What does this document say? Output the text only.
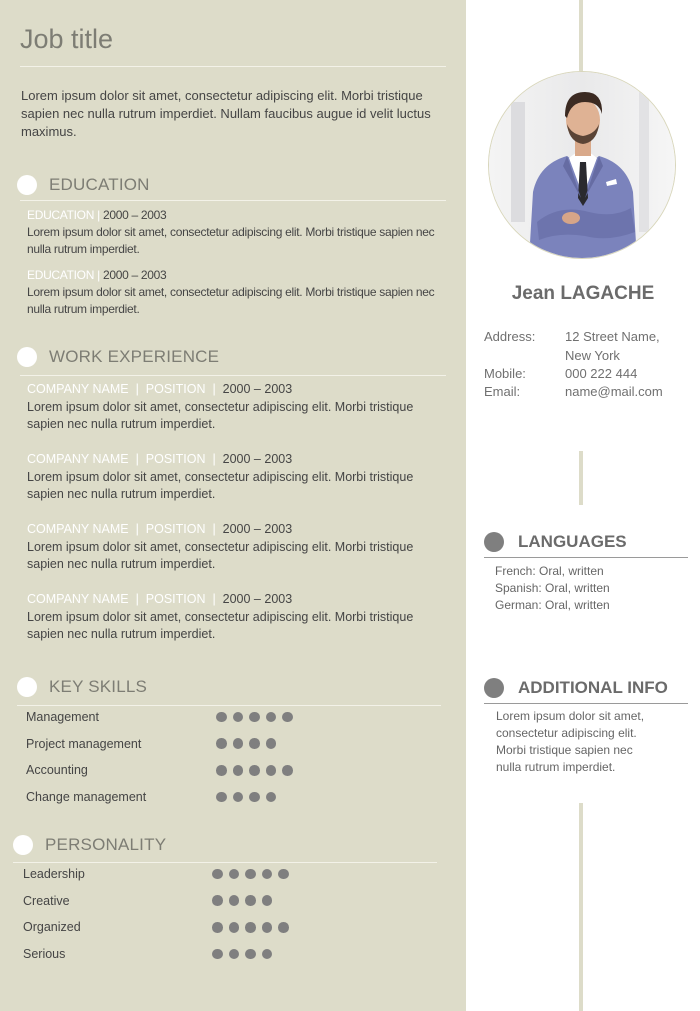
Job title
Lorem ipsum dolor sit amet, consectetur adipiscing elit. Morbi tristique sapien nec nulla rutrum imperdiet. Nullam faucibus augue id velit luctus maximus.
EDUCATION
EDUCATION | 2000 – 2003
Lorem ipsum dolor sit amet, consectetur adipiscing elit. Morbi tristique sapien nec nulla rutrum imperdiet.
EDUCATION | 2000 – 2003
Lorem ipsum dolor sit amet, consectetur adipiscing elit. Morbi tristique sapien nec nulla rutrum imperdiet.
WORK EXPERIENCE
COMPANY NAME  |  POSITION  |  2000 – 2003
Lorem ipsum dolor sit amet, consectetur adipiscing elit. Morbi tristique sapien nec nulla rutrum imperdiet.
COMPANY NAME  |  POSITION  |  2000 – 2003
Lorem ipsum dolor sit amet, consectetur adipiscing elit. Morbi tristique sapien nec nulla rutrum imperdiet.
COMPANY NAME  |  POSITION  |  2000 – 2003
Lorem ipsum dolor sit amet, consectetur adipiscing elit. Morbi tristique sapien nec nulla rutrum imperdiet.
COMPANY NAME  |  POSITION  |  2000 – 2003
Lorem ipsum dolor sit amet, consectetur adipiscing elit. Morbi tristique sapien nec nulla rutrum imperdiet.
KEY SKILLS
Management
Project management
Accounting
Change management
PERSONALITY
Leadership
Creative
Organized
Serious
Jean LAGACHE
Address:	12 Street Name,
New York
Mobile:	000 222 444
Email:	name@mail.com
LANGUAGES
French: Oral, written
Spanish: Oral, written
German: Oral, written
ADDITIONAL INFO
Lorem ipsum dolor sit amet,
consectetur adipiscing elit.
Morbi tristique sapien nec
nulla rutrum imperdiet.
